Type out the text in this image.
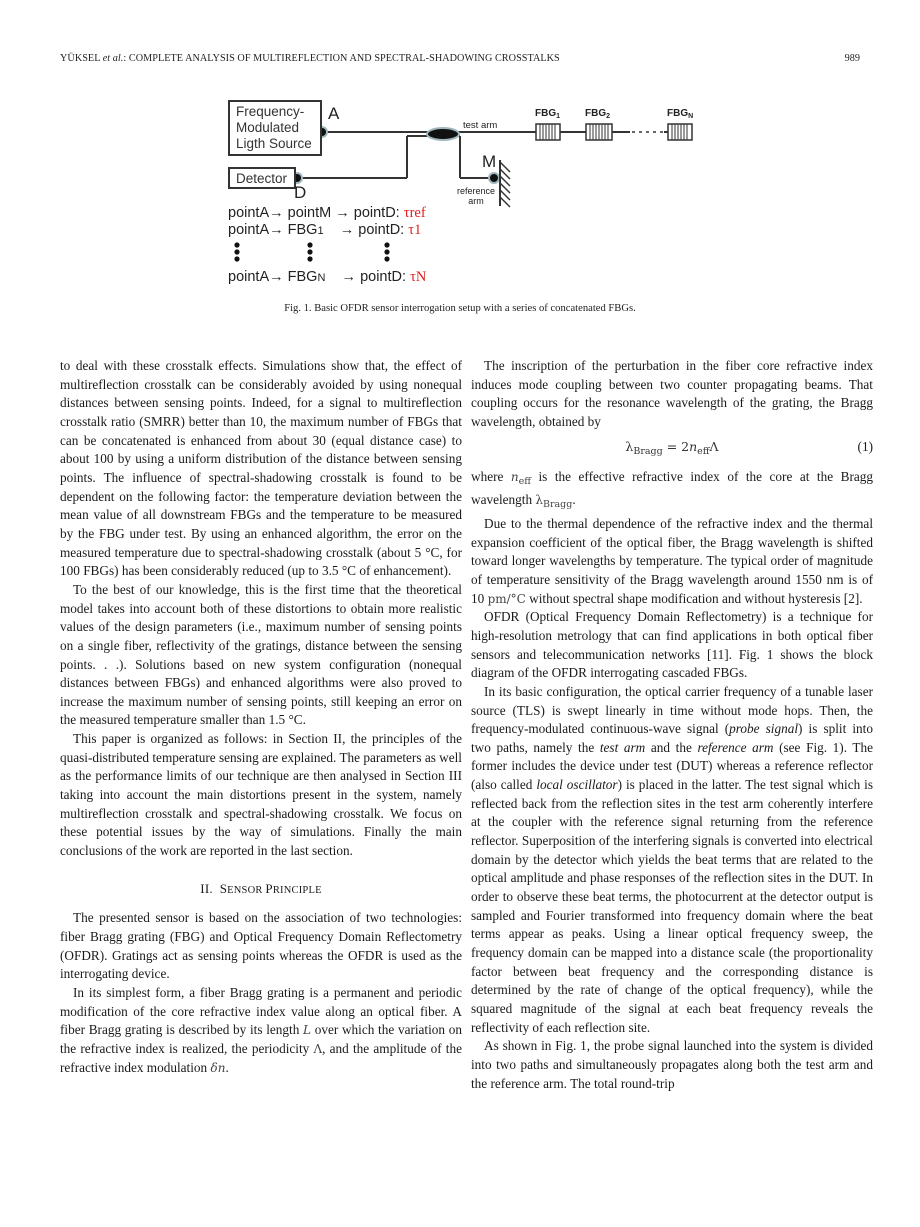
YÜKSEL et al.: COMPLETE ANALYSIS OF MULTIREFLECTION AND SPECTRAL-SHADOWING CROSSTALKS	989
Frequency-
Modulated
Ligth Source
Detector
A
D
M
test arm
reference
arm
$FBG_1$ $FBG_2$	$FBG_N$
pointA→ pointM → pointD: τref
pointA→ FBG1 → pointD: τ1
pointA→ FBGN → pointD: τN
Fig. 1. Basic OFDR sensor interrogation setup with a series of concatenated FBGs.

to deal with these crosstalk effects. Simulations show that, the effect of multireflection crosstalk can be considerably avoided by using nonequal distances between sensing points. Indeed, for a signal to multireflection crosstalk ratio (SMRR) better than 10, the maximum number of FBGs that can be concatenated is enhanced from about 30 (equal distance case) to about 100 by using a uniform distribution of the distance between sensing points. The influence of spectral-shadowing crosstalk is found to be dependent on the following factor: the temperature deviation between the mean value of all downstream FBGs and the temperature to be measured by the FBG under test. By using an enhanced algorithm, the error on the measured temperature due to spectral-shadowing crosstalk (about 5 °C, for 100 FBGs) has been considerably reduced (up to 3.5 °C of enhancement).

To the best of our knowledge, this is the first time that the theoretical model takes into account both of these distortions to obtain more realistic values of the design parameters (i.e., maximum number of sensing points on a single fiber, reflectivity of the gratings, distance between the sensing points. . .). Solutions based on new system configuration (nonequal distances between FBGs) and enhanced algorithms were also proved to increase the maximum number of sensing points, still keeping an error on the measured temperature smaller than 1.5 °C.

This paper is organized as follows: in Section II, the principles of the quasi-distributed temperature sensing are explained. The parameters as well as the performance limits of our technique are then analysed in Section III taking into account the main distortions present in the system, namely multireflection crosstalk and spectral-shadowing crosstalk. We focus on these potential issues by the way of simulations. Finally the main conclusions of the work are reported in the last section.

II. SENSOR PRINCIPLE

The presented sensor is based on the association of two technologies: fiber Bragg grating (FBG) and Optical Frequency Domain Reflectometry (OFDR). Gratings act as sensing points whereas the OFDR is used as the interrogating device.

In its simplest form, a fiber Bragg grating is a permanent and periodic modification of the core refractive index value along an optical fiber. A fiber Bragg grating is described by its length L over which the variation on the refractive index is realized, the periodicity Λ, and the amplitude of the refractive index modulation δn.

The inscription of the perturbation in the fiber core refractive index induces mode coupling between two counter propagating beams. That coupling occurs for the resonance wavelength of the grating, the Bragg wavelength, obtained by

$\lambda_{Bragg} = 2n_{eff}\Lambda$	(1)

where $n_{eff}$ is the effective refractive index of the core at the Bragg wavelength $\lambda_{Bragg}$.

Due to the thermal dependence of the refractive index and the thermal expansion coefficient of the optical fiber, the Bragg wavelength is shifted toward longer wavelengths by temperature. The typical order of magnitude of temperature sensitivity of the Bragg wavelength around 1550 nm is of 10 pm/°C without spectral shape modification and without hysteresis [2].

OFDR (Optical Frequency Domain Reflectometry) is a technique for high-resolution metrology that can find applications in both optical fiber sensors and telecommunication networks [11]. Fig. 1 shows the block diagram of the OFDR interrogating cascaded FBGs.

In its basic configuration, the optical carrier frequency of a tunable laser source (TLS) is swept linearly in time without mode hops. Then, the frequency-modulated continuous-wave signal (probe signal) is split into two paths, namely the test arm and the reference arm (see Fig. 1). The former includes the device under test (DUT) whereas a reference reflector (also called local oscillator) is placed in the latter. The test signal which is reflected back from the reflection sites in the test arm coherently interfere at the coupler with the reference signal returning from the reference reflector. Superposition of the interfering signals is converted into electrical domain by the detector which yields the beat terms that are related to the optical amplitude and phase responses of the reflection sites in the DUT. In order to observe these beat terms, the photocurrent at the detector output is sampled and Fourier transformed into frequency domain where the beat terms appear as peaks. Using a linear optical frequency sweep, the frequency domain can be mapped into a distance scale (the proportionality factor between beat frequency and the corresponding distance is determined by the rate of change of the optical frequency), while the squared magnitude of the signal at each beat frequency reveals the reflectivity of each reflection site.

As shown in Fig. 1, the probe signal launched into the system is divided into two paths and simultaneously propagates along both the test arm and the reference arm. The total round-trip
